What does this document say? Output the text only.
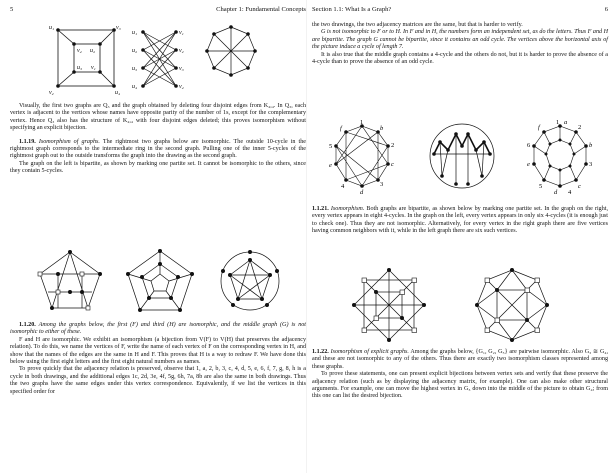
5	Chapter 1: Fundamental Concepts
u₁	v₃
v₂	u₄
v₄ u₂
u₃ v₁
u₁
u₂
u₃
u₄
v₁
v₂
v₃
v₄

Visually, the first two graphs are Q₃ and the graph obtained by deleting four disjoint edges from K₄,₄. In Q₃, each vertex is adjacent to the vertices whose names have opposite parity of the number of 1s, except for the complementary vertex. Hence Q₃ also has the structure of K₄,₄ with four disjoint edges deleted; this proves isomorphism without specifying an explicit bijection.

1.1.19. Isomorphism of graphs. The rightmost two graphs below are isomorphic. The outside 10-cycle in the rightmost graph corresponds to the intermediate ring in the second graph. Pulling one of the inner 5-cycles of the rightmost graph out to the outside transforms the graph into the drawing as the second graph.

The graph on the left is bipartite, as shown by marking one partite set. It cannot be isomorphic to the others, since they contain 5-cycles.

1.1.20. Among the graphs below, the first (F) and third (H) are isomorphic, and the middle graph (G) is not isomorphic to either of these.

F and H are isomorphic. We exhibit an isomorphism (a bijection from V(F) to V(H) that preserves the adjacency relation). To do this, we name the vertices of F, write the name of each vertex of F on the corresponding vertex in H, and show that the names of the edges are the same in H and F. This proves that H is a way to redraw F. We have done this below using the first eight letters and the first eight natural numbers as names.

To prove quickly that the adjacency relation is preserved, observe that 1, a, 2, b, 3, c, 4, d, 5, e, 6, f, 7, g, 8, h is a cycle in both drawings, and the additional edges 1c, 2d, 3e, 4f, 5g, 6h, 7a, 8b are also the same in both drawings. Thus the two graphs have the same edges under this vertex correspondence. Equivalently, if we list the vertices in this specified order for

Section 1.1: What Is a Graph?	6

the two drawings, the two adjacency matrices are the same, but that is harder to verify.

G is not isomorphic to F or to H. In F and in H, the numbers form an independent set, as do the letters. Thus F and H are bipartite. The graph G cannot be bipartite, since it contains an odd cycle. The vertices above the horizontal axis of the picture induce a cycle of length 7.

It is also true that the middle graph contains a 4-cycle and the others do not, but it is harder to prove the absence of a 4-cycle than to prove the absence of an odd cycle.

1
b
2
c
3
d
4
e
5
f
1 a
2
b
3
c
4
d
5
e
6
f

1.1.21. Isomorphism. Both graphs are bipartite, as shown below by marking one partite set. In the graph on the right, every vertex appears in eight 4-cycles. In the graph on the left, every vertex appears in only six 4-cycles (it is enough just to check one). Thus they are not isomorphic. Alternatively, for every vertex in the right graph there are five vertices having common neighbors with it, while in the left graph there are six such vertices.

1.1.22. Isomorphism of explicit graphs. Among the graphs below, {G₁, G₂, G₅} are pairwise isomorphic. Also G₃ ≅ G₄, and these are not isomorphic to any of the others. Thus there are exactly two isomorphism classes represented among these graphs.

To prove these statements, one can present explicit bijections between vertex sets and verify that these preserve the adjacency relation (such as by displaying the adjacency matrix, for example). One can also make other structural arguments. For example, one can move the highest vertex in G₃ down into the middle of the picture to obtain G₄; from this one can list the desired bijection.
